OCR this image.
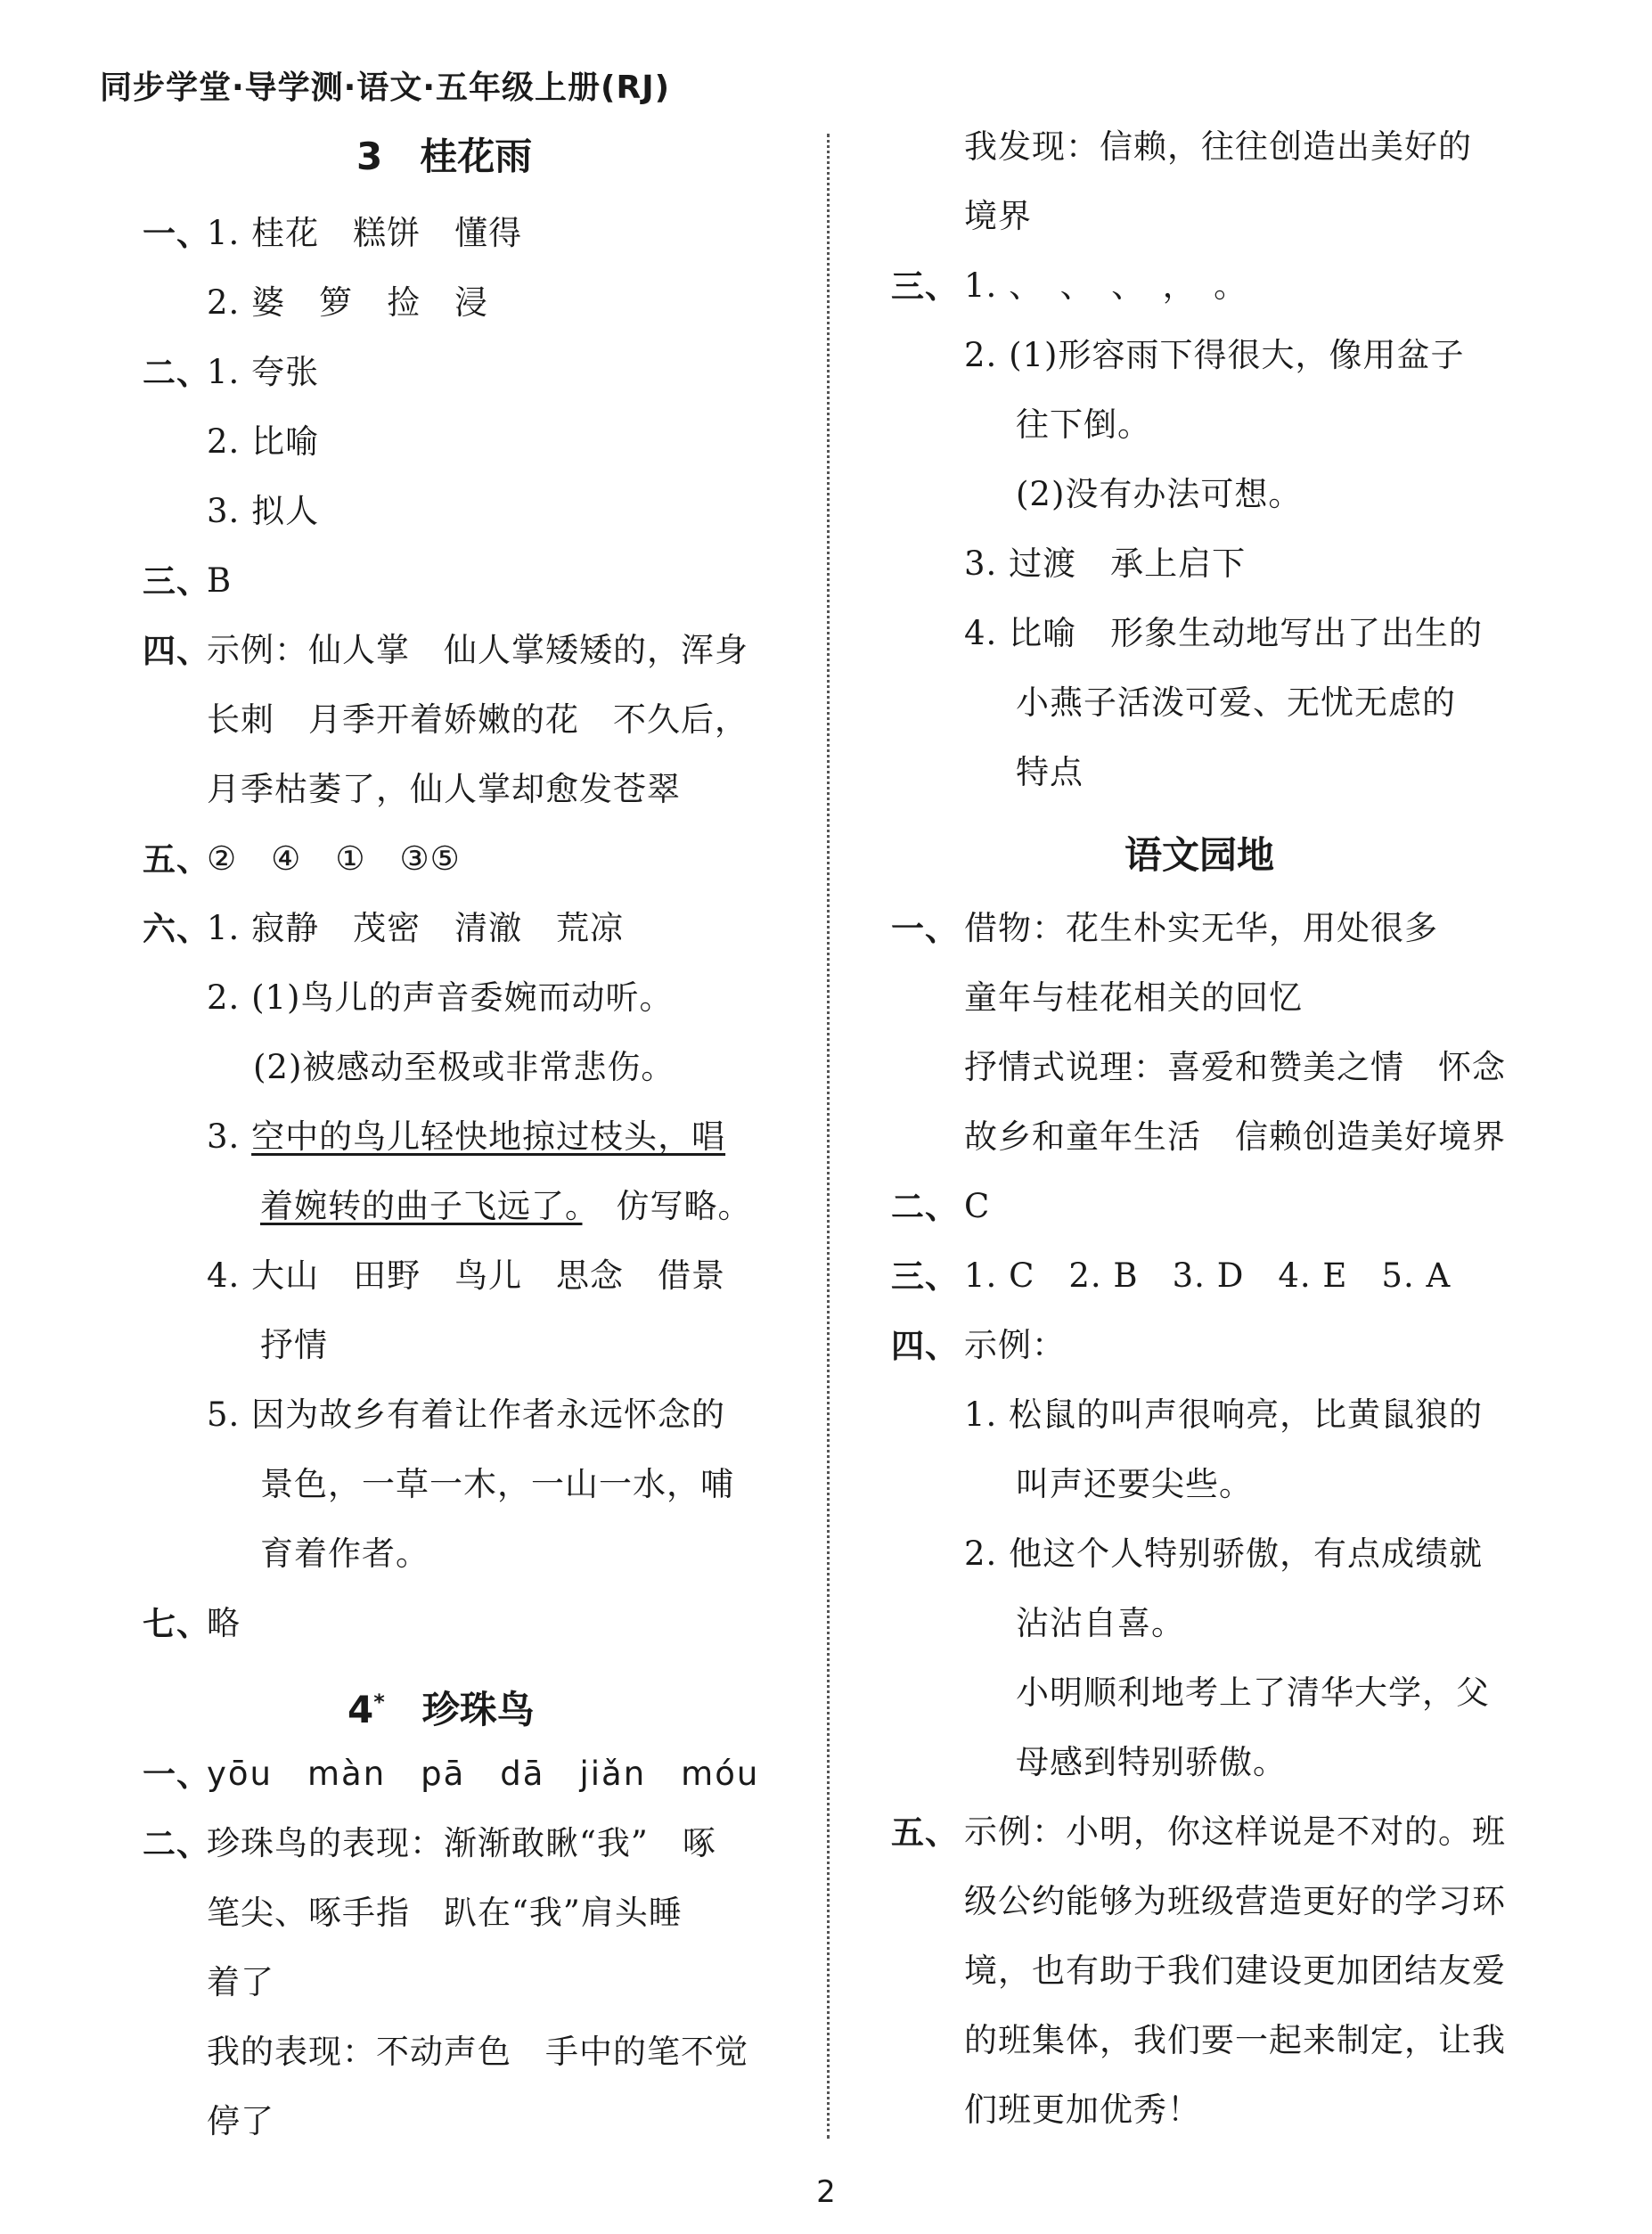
同步学堂·导学测·语文·五年级上册(RJ)
3　桂花雨
一、
1. 桂花　糕饼　懂得
2. 婆　箩　捡　浸
二、
1. 夸张
2. 比喻
3. 拟人
三、
B
四、
示例：仙人掌　仙人掌矮矮的，浑身
长刺　月季开着娇嫩的花　不久后，
月季枯萎了，仙人掌却愈发苍翠
五、
②　④　①　③⑤
六、
1. 寂静　茂密　清澈　荒凉
2. (1)鸟儿的声音委婉而动听。
(2)被感动至极或非常悲伤。
3. 空中的鸟儿轻快地掠过枝头，唱
着婉转的曲子飞远了。　仿写略。
4. 大山　田野　鸟儿　思念　借景
抒情
5. 因为故乡有着让作者永远怀念的
景色，一草一木，一山一水，哺
育着作者。
七、
略
4*　珍珠鸟
一、
yōu　màn　pā　dā　jiǎn　móu
二、
珍珠鸟的表现：渐渐敢瞅“我”　啄
笔尖、啄手指　趴在“我”肩头睡
着了
我的表现：不动声色　手中的笔不觉
停了
我发现：信赖，往往创造出美好的
境界
三、 1. 、　、　、　，　。
2. (1)形容雨下得很大，像用盆子
往下倒。
(2)没有办法可想。
3. 过渡　承上启下
4. 比喻　形象生动地写出了出生的
小燕子活泼可爱、无忧无虑的
特点
语文园地
一、 借物：花生朴实无华，用处很多
童年与桂花相关的回忆
抒情式说理：喜爱和赞美之情　怀念
故乡和童年生活　信赖创造美好境界
二、 C
三、 1. C　2. B　3. D　4. E　5. A
四、 示例：
1. 松鼠的叫声很响亮，比黄鼠狼的
叫声还要尖些。
2. 他这个人特别骄傲，有点成绩就
沾沾自喜。
小明顺利地考上了清华大学，父
母感到特别骄傲。
五、 示例：小明，你这样说是不对的。班
级公约能够为班级营造更好的学习环
境，也有助于我们建设更加团结友爱
的班集体，我们要一起来制定，让我
们班更加优秀！
2
